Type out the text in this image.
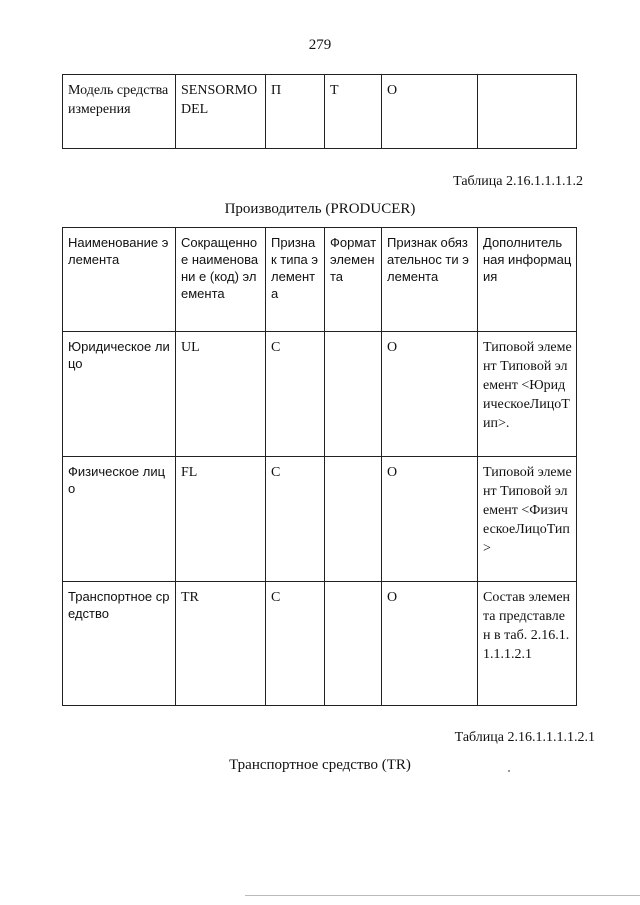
279
Модель средства измерения	SENSORMO DEL	П	Т	О	
Таблица 2.16.1.1.1.1.2
Производитель (PRODUCER)
Наименование элемента	Сокращенно е наименовани е (код) элемента	Призна к типа элемент а	Формат элемен та	Признак обязательнос ти элемента	Дополнитель ная информация
Юридическое лицо	UL	С		О	Типовой элемент Типовой элемент <ЮридическоеЛицоТип>.
Физическое лицо	FL	С		О	Типовой элемент Типовой элемент <ФизическоеЛицоТип>
Транспортное средство	TR	С		О	Состав элемента представлен в таб. 2.16.1.1.1.1.2.1
Таблица 2.16.1.1.1.1.2.1
Транспортное средство (TR)
